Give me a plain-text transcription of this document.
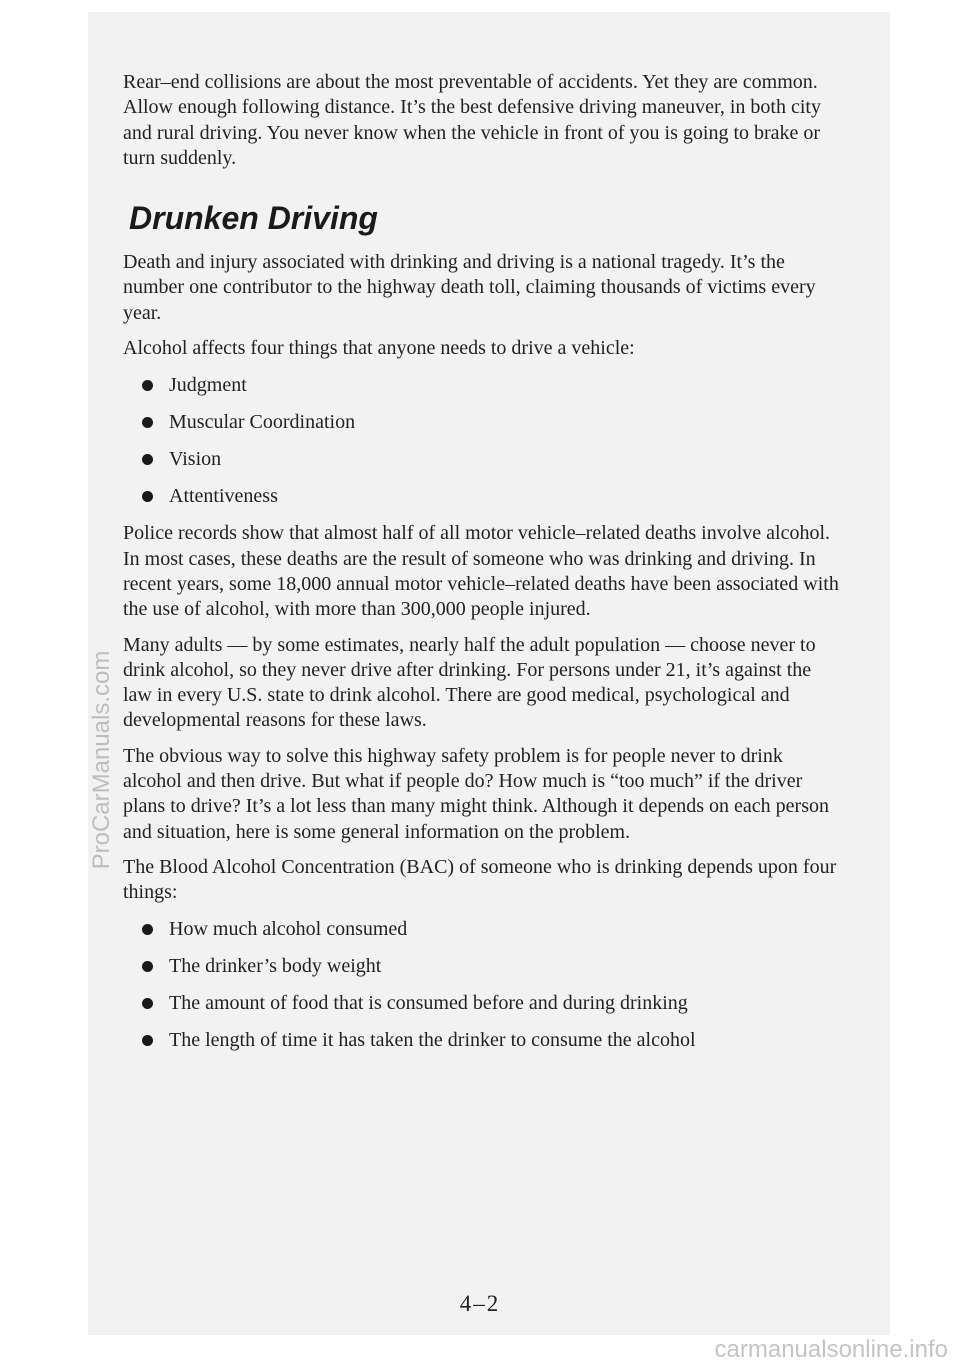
Rear–end collisions are about the most preventable of accidents. Yet they are common. Allow enough following distance. It’s the best defensive driving maneuver, in both city and rural driving. You never know when the vehicle in front of you is going to brake or turn suddenly.

Drunken Driving

Death and injury associated with drinking and driving is a national tragedy. It’s the number one contributor to the highway death toll, claiming thousands of victims every year.

Alcohol affects four things that anyone needs to drive a vehicle:

Judgment
Muscular Coordination
Vision
Attentiveness

Police records show that almost half of all motor vehicle–related deaths involve alcohol. In most cases, these deaths are the result of someone who was drinking and driving. In recent years, some 18,000 annual motor vehicle–related deaths have been associated with the use of alcohol, with more than 300,000 people injured.

Many adults — by some estimates, nearly half the adult population — choose never to drink alcohol, so they never drive after drinking. For persons under 21, it’s against the law in every U.S. state to drink alcohol. There are good medical, psychological and developmental reasons for these laws.

The obvious way to solve this highway safety problem is for people never to drink alcohol and then drive. But what if people do? How much is “too much” if the driver plans to drive? It’s a lot less than many might think. Although it depends on each person and situation, here is some general information on the problem.

The Blood Alcohol Concentration (BAC) of someone who is drinking depends upon four things:

How much alcohol consumed
The drinker’s body weight
The amount of food that is consumed before and during drinking
The length of time it has taken the drinker to consume the alcohol
4–2
ProCarManuals.com
carmanualsonline.info
